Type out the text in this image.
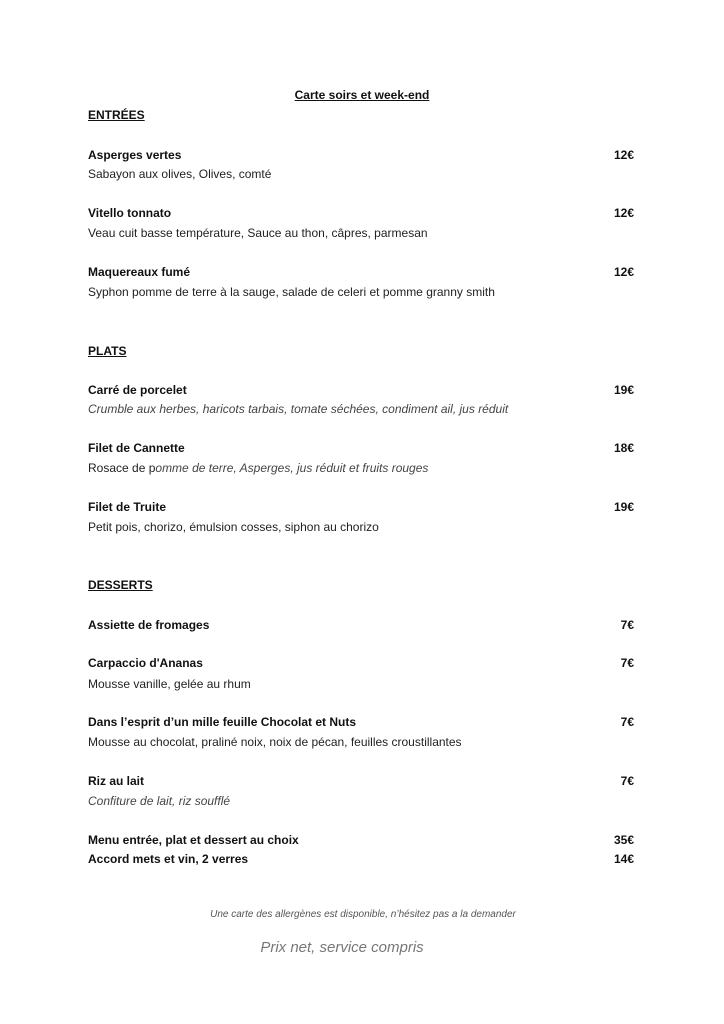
Carte soirs et week-end
ENTRÉES
Asperges vertes	12€
Sabayon aux olives, Olives, comté
Vitello tonnato	12€
Veau cuit basse température, Sauce au thon, câpres, parmesan
Maquereaux fumé	12€
Syphon pomme de terre à la sauge, salade de celeri et pomme granny smith
PLATS
Carré de porcelet	19€
Crumble aux herbes, haricots tarbais, tomate séchées, condiment ail, jus réduit
Filet de Cannette	18€
Rosace de pomme de terre, Asperges, jus réduit et fruits rouges
Filet de Truite	19€
Petit pois, chorizo, émulsion cosses, siphon au chorizo
DESSERTS
Assiette de fromages	7€
Carpaccio d'Ananas	7€
Mousse vanille, gelée au rhum
Dans l’esprit d’un mille feuille Chocolat et Nuts	7€
Mousse au chocolat, praliné noix, noix de pécan, feuilles croustillantes
Riz au lait	7€
Confiture de lait, riz soufflé
Menu entrée, plat et dessert au choix	35€
Accord mets et vin, 2 verres	14€
Une carte des allergènes est disponible, n’hésitez pas a la demander
Prix net, service compris
